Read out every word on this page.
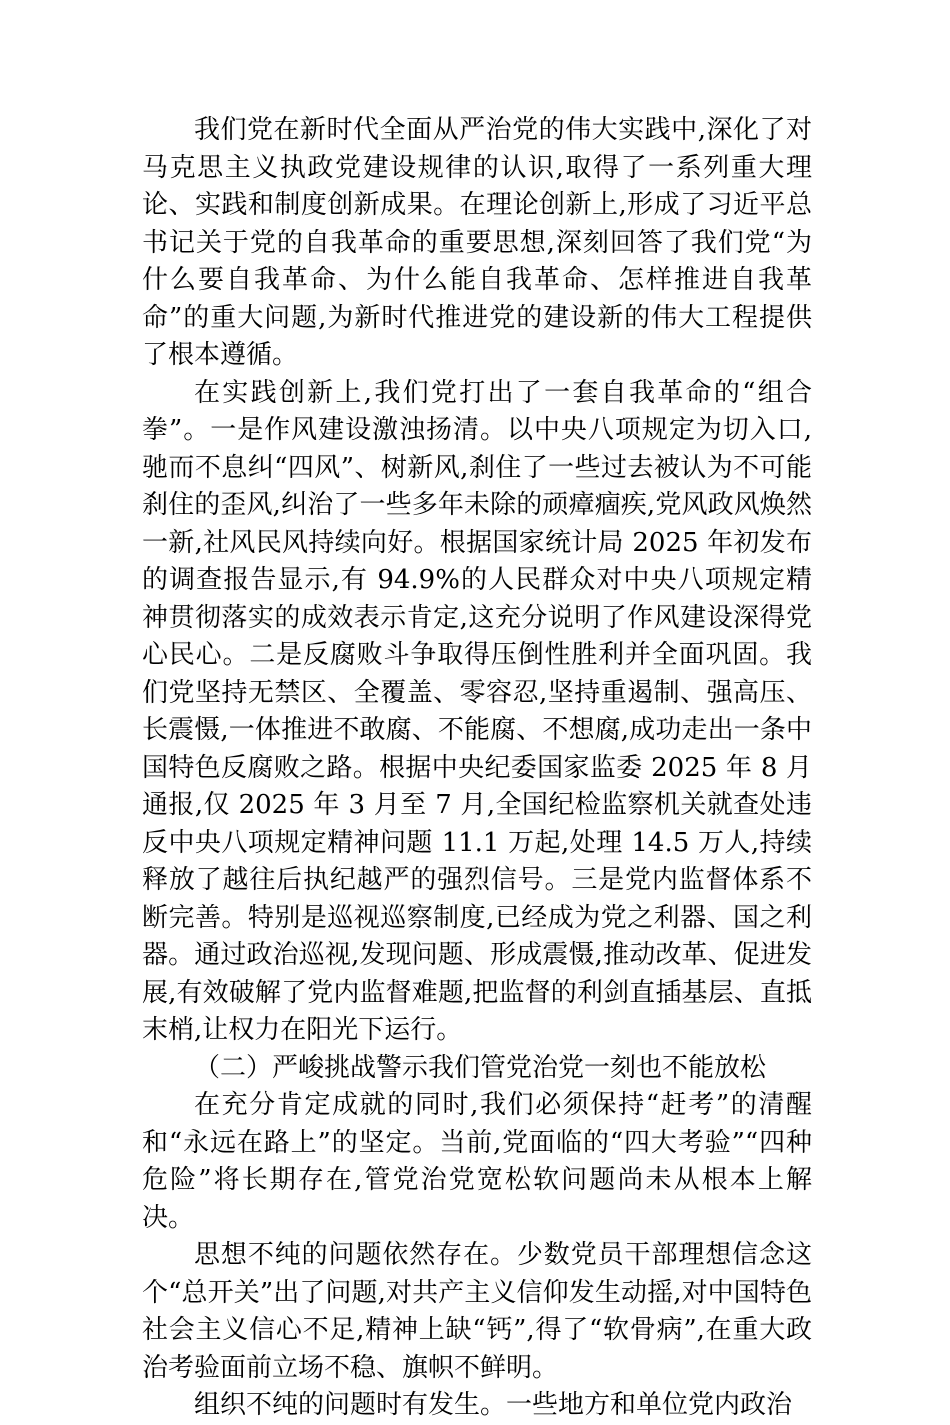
我们党在新时代全面从严治党的伟大实践中,深化了对马克思主义执政党建设规律的认识,取得了一系列重大理论、实践和制度创新成果。在理论创新上,形成了习近平总书记关于党的自我革命的重要思想,深刻回答了我们党“为什么要自我革命、为什么能自我革命、怎样推进自我革命”的重大问题,为新时代推进党的建设新的伟大工程提供了根本遵循。

在实践创新上,我们党打出了一套自我革命的“组合拳”。一是作风建设激浊扬清。以中央八项规定为切入口,驰而不息纠“四风”、树新风,刹住了一些过去被认为不可能刹住的歪风,纠治了一些多年未除的顽瘴痼疾,党风政风焕然一新,社风民风持续向好。根据国家统计局 2025 年初发布的调查报告显示,有 94.9%的人民群众对中央八项规定精神贯彻落实的成效表示肯定,这充分说明了作风建设深得党心民心。二是反腐败斗争取得压倒性胜利并全面巩固。我们党坚持无禁区、全覆盖、零容忍,坚持重遏制、强高压、长震慑,一体推进不敢腐、不能腐、不想腐,成功走出一条中国特色反腐败之路。根据中央纪委国家监委 2025 年 8 月通报,仅 2025 年 3 月至 7 月,全国纪检监察机关就查处违反中央八项规定精神问题 11.1 万起,处理 14.5 万人,持续释放了越往后执纪越严的强烈信号。三是党内监督体系不断完善。特别是巡视巡察制度,已经成为党之利器、国之利器。通过政治巡视,发现问题、形成震慑,推动改革、促进发展,有效破解了党内监督难题,把监督的利剑直插基层、直抵末梢,让权力在阳光下运行。

（二）严峻挑战警示我们管党治党一刻也不能放松

在充分肯定成就的同时,我们必须保持“赶考”的清醒和“永远在路上”的坚定。当前,党面临的“四大考验”“四种危险”将长期存在,管党治党宽松软问题尚未从根本上解决。

思想不纯的问题依然存在。少数党员干部理想信念这个“总开关”出了问题,对共产主义信仰发生动摇,对中国特色社会主义信心不足,精神上缺“钙”,得了“软骨病”,在重大政治考验面前立场不稳、旗帜不鲜明。

组织不纯的问题时有发生。一些地方和单位党内政治
